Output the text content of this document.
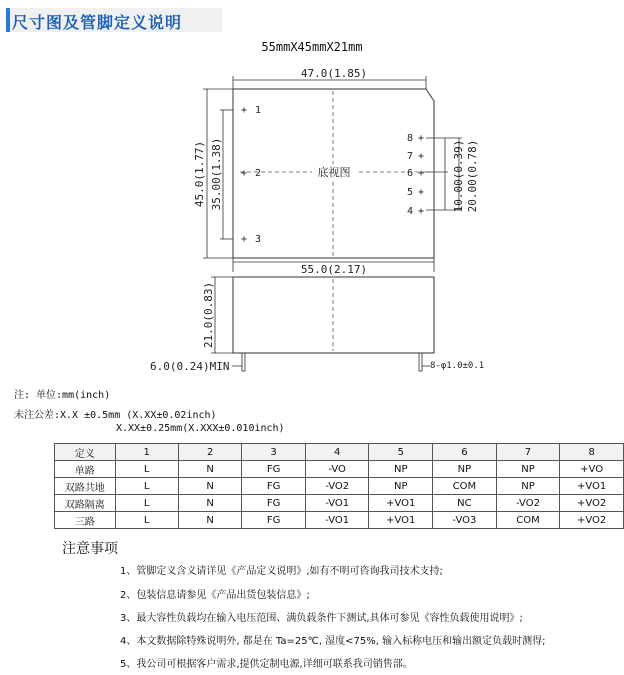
尺寸图及管脚定义说明
55mmX45mmX21mm
底视图
47.0(1.85)
45.0(1.77) 35.00(1.38)
+ 1
+ 2
+ 3
8 +
7 +
6 +
5 +
4 +	10.00(0.39) 20.00(0.78)
55.0(2.17)
21.0(0.83)
6.0(0.24)MIN	8-φ1.0±0.1
注: 单位:mm(inch)
未注公差:X.X ±0.5mm (X.XX±0.02inch)
X.XX±0.25mm(X.XXX±0.010inch)
定义	1	2	3	4	5	6	7	8
单路	L	N	FG	-VO	NP	NP	NP	+VO
双路共地	L	N	FG	-VO2	NP	COM	NP	+VO1
双路隔离	L	N	FG	-VO1	+VO1	NC	-VO2	+VO2
三路	L	N	FG	-VO1	+VO1	-VO3	COM	+VO2
注意事项
1、管脚定义含义请详见《产品定义说明》,如有不明可咨询我司技术支持;
2、包装信息请参见《产品出货包装信息》;
3、最大容性负载均在输入电压范围、满负载条件下测试,具体可参见《容性负载使用说明》;
4、本文数据除特殊说明外, 都是在 Ta=25℃, 湿度<75%, 输入标称电压和输出额定负载时测得;
5、我公司可根据客户需求,提供定制电源,详细可联系我司销售部。
